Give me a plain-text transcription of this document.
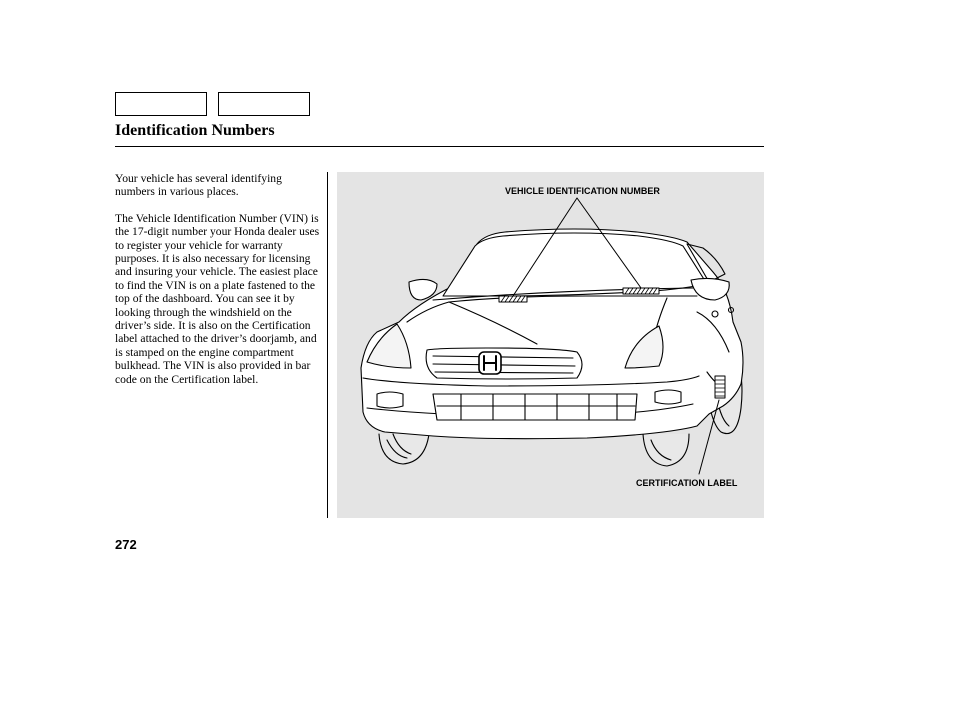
Identification Numbers

Your vehicle has several identifying numbers in various places.

The Vehicle Identification Number (VIN) is the 17-digit number your Honda dealer uses to register your vehicle for warranty purposes. It is also necessary for licensing and insuring your vehicle. The easiest place to find the VIN is on a plate fastened to the top of the dashboard. You can see it by looking through the windshield on the driver’s side. It is also on the Certification label attached to the driver’s doorjamb, and is stamped on the engine compartment bulkhead. The VIN is also provided in bar code on the Certification label.

VEHICLE IDENTIFICATION NUMBER
CERTIFICATION LABEL
272
